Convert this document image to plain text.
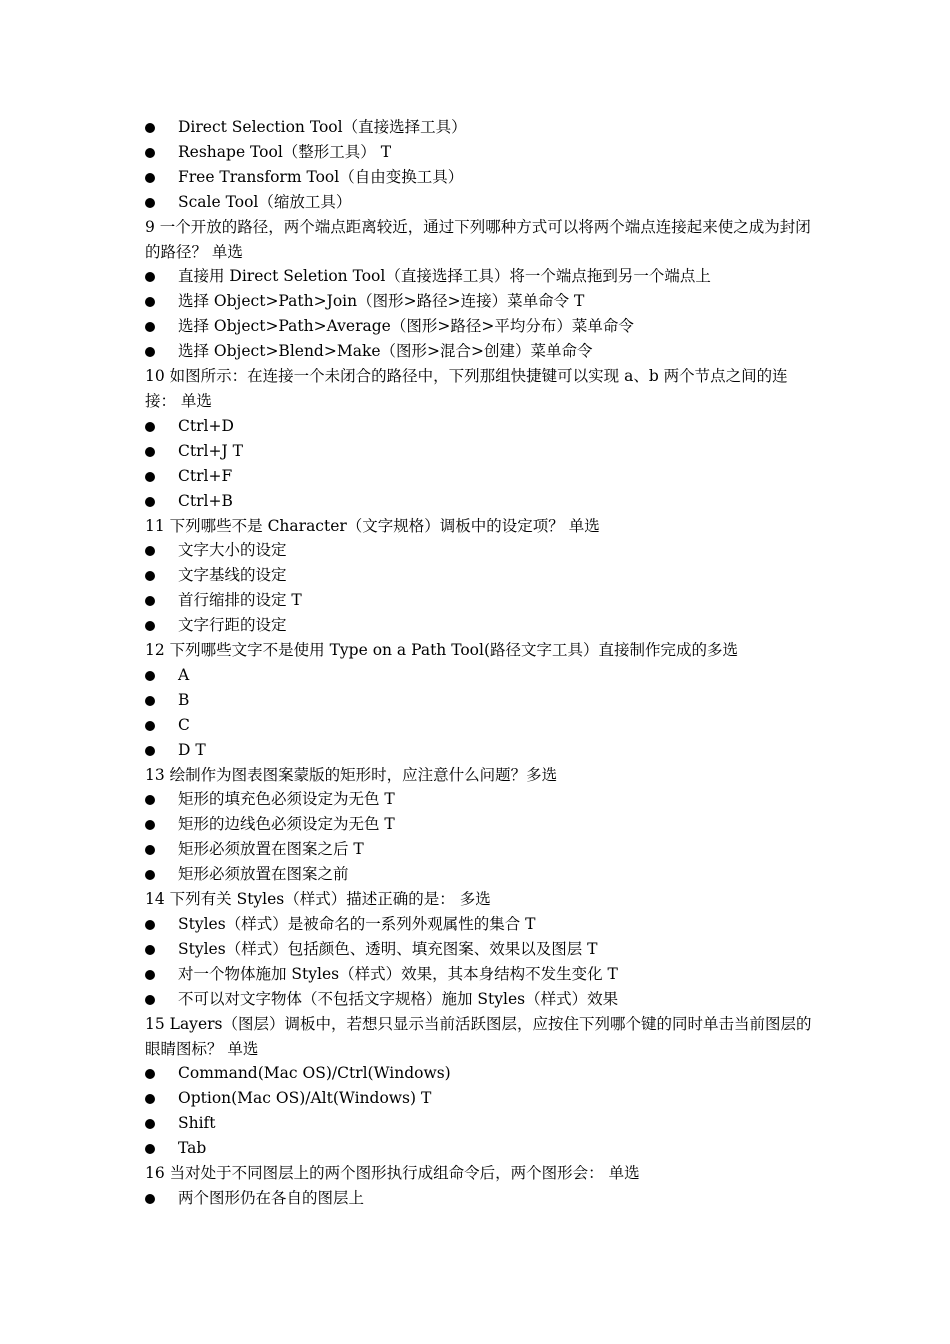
Direct Selection Tool（直接选择工具）
Reshape Tool（整形工具） T
Free Transform Tool（自由变换工具）
Scale Tool（缩放工具）
9 一个开放的路径，两个端点距离较近，通过下列哪种方式可以将两个端点连接起来使之成为封闭的路径？ 单选
直接用 Direct Seletion Tool（直接选择工具）将一个端点拖到另一个端点上
选择 Object>Path>Join（图形>路径>连接）菜单命令 T
选择 Object>Path>Average（图形>路径>平均分布）菜单命令
选择 Object>Blend>Make（图形>混合>创建）菜单命令
10 如图所示：在连接一个未闭合的路径中，下列那组快捷键可以实现 a、b 两个节点之间的连接： 单选
Ctrl+D
Ctrl+J T
Ctrl+F
Ctrl+B
11 下列哪些不是 Character（文字规格）调板中的设定项？ 单选
文字大小的设定
文字基线的设定
首行缩排的设定 T
文字行距的设定
12 下列哪些文字不是使用 Type on a Path Tool(路径文字工具）直接制作完成的多选
A
B
C
D T
13 绘制作为图表图案蒙版的矩形时，应注意什么问题？多选
矩形的填充色必须设定为无色 T
矩形的边线色必须设定为无色 T
矩形必须放置在图案之后 T
矩形必须放置在图案之前
14 下列有关 Styles（样式）描述正确的是： 多选
Styles（样式）是被命名的一系列外观属性的集合 T
Styles（样式）包括颜色、透明、填充图案、效果以及图层 T
对一个物体施加 Styles（样式）效果，其本身结构不发生变化 T
不可以对文字物体（不包括文字规格）施加 Styles（样式）效果
15 Layers（图层）调板中，若想只显示当前活跃图层，应按住下列哪个键的同时单击当前图层的眼睛图标？ 单选
Command(Mac OS)/Ctrl(Windows)
Option(Mac OS)/Alt(Windows) T
Shift
Tab
16 当对处于不同图层上的两个图形执行成组命令后，两个图形会： 单选
两个图形仍在各自的图层上
